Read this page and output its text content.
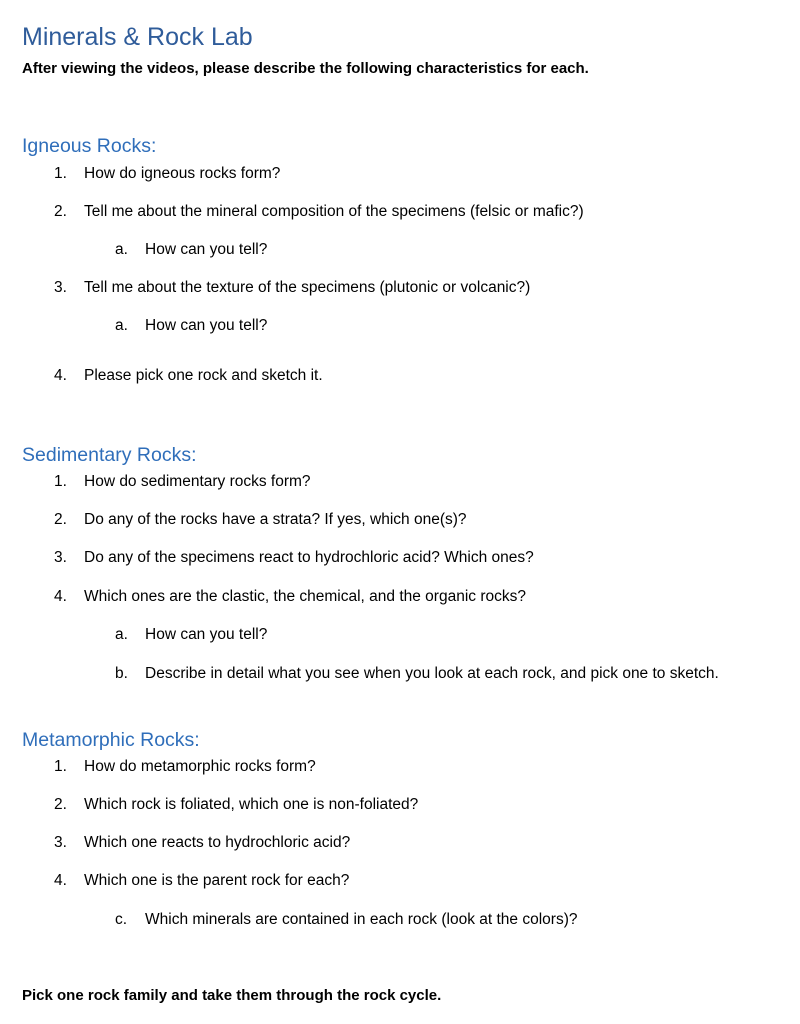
Minerals & Rock Lab
After viewing the videos, please describe the following characteristics for each.
Igneous Rocks:
1. How do igneous rocks form?
2. Tell me about the mineral composition of the specimens (felsic or mafic?)
a. How can you tell?
3. Tell me about the texture of the specimens (plutonic or volcanic?)
a. How can you tell?
4. Please pick one rock and sketch it.
Sedimentary Rocks:
1. How do sedimentary rocks form?
2. Do any of the rocks have a strata? If yes, which one(s)?
3. Do any of the specimens react to hydrochloric acid? Which ones?
4. Which ones are the clastic, the chemical, and the organic rocks?
a. How can you tell?
b. Describe in detail what you see when you look at each rock, and pick one to sketch.
Metamorphic Rocks:
1. How do metamorphic rocks form?
2. Which rock is foliated, which one is non-foliated?
3. Which one reacts to hydrochloric acid?
4. Which one is the parent rock for each?
c. Which minerals are contained in each rock (look at the colors)?
Pick one rock family and take them through the rock cycle.
